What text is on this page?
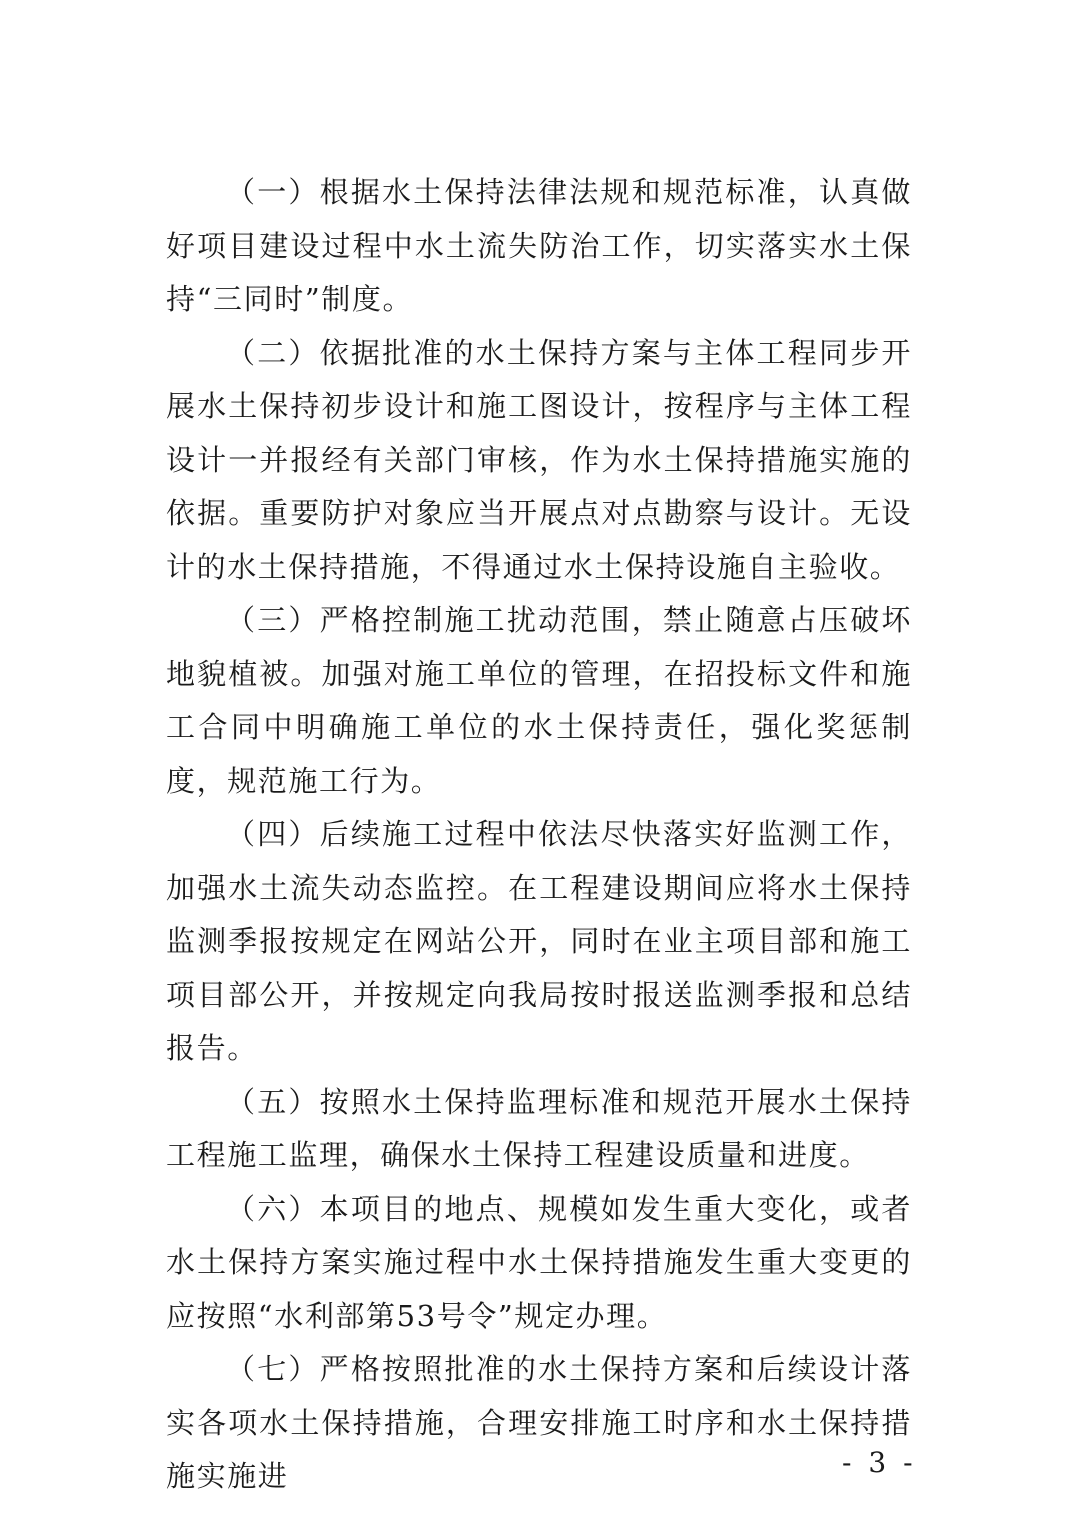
（一）根据水土保持法律法规和规范标准，认真做好项目建设过程中水土流失防治工作，切实落实水土保持“三同时”制度。

（二）依据批准的水土保持方案与主体工程同步开展水土保持初步设计和施工图设计，按程序与主体工程设计一并报经有关部门审核，作为水土保持措施实施的依据。重要防护对象应当开展点对点勘察与设计。无设计的水土保持措施，不得通过水土保持设施自主验收。

（三）严格控制施工扰动范围，禁止随意占压破坏地貌植被。加强对施工单位的管理，在招投标文件和施工合同中明确施工单位的水土保持责任，强化奖惩制度，规范施工行为。

（四）后续施工过程中依法尽快落实好监测工作，加强水土流失动态监控。在工程建设期间应将水土保持监测季报按规定在网站公开，同时在业主项目部和施工项目部公开，并按规定向我局按时报送监测季报和总结报告。

（五）按照水土保持监理标准和规范开展水土保持工程施工监理，确保水土保持工程建设质量和进度。

（六）本项目的地点、规模如发生重大变化，或者水土保持方案实施过程中水土保持措施发生重大变更的应按照“水利部第53号令”规定办理。

（七）严格按照批准的水土保持方案和后续设计落实各项水土保持措施，合理安排施工时序和水土保持措施实施进	- 3 -
